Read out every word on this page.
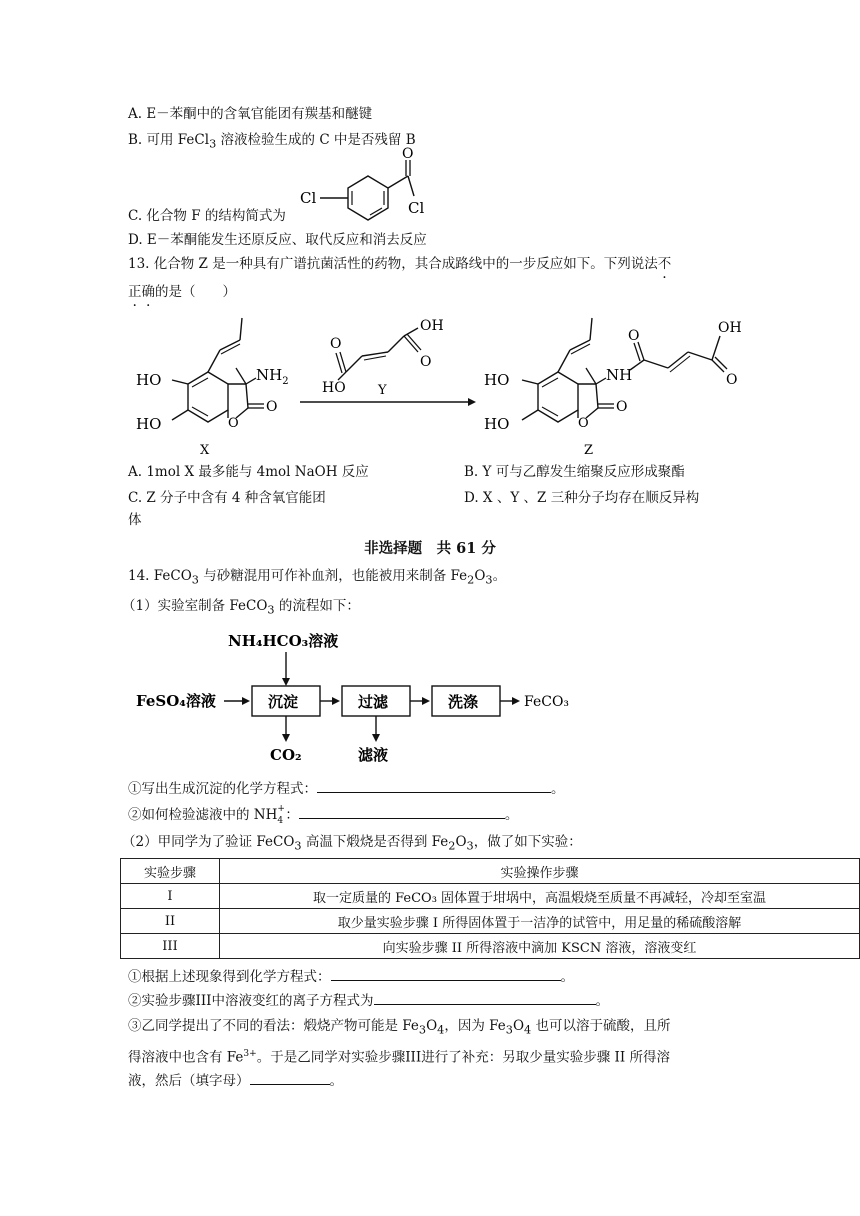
A. E－苯酮中的含氧官能团有羰基和醚键
B. 可用 FeCl$_3$ 溶液检验生成的 C 中是否残留 B
Cl
O
Cl
C. 化合物 F 的结构简式为
D. E－苯酮能发生还原反应、取代反应和消去反应
13. 化合物 Z 是一种具有广谱抗菌活性的药物，其合成路线中的一步反应如下。下列说法不
正确的是（　　）
O
O
$NH_2$
HO
HO
X
OH
O
O
HO Y
O
O
NH
O	OH
O
HO
HO
Z
A. 1mol X 最多能与 4mol NaOH 反应	B. Y 可与乙醇发生缩聚反应形成聚酯
C. Z 分子中含有 4 种含氧官能团	D. X 、Y 、Z 三种分子均存在顺反异构
体
非选择题　共 61 分
14. FeCO$_3$ 与砂糖混用可作补血剂，也能被用来制备 $Fe_2O_3$。
（1）实验室制备 FeCO$_3$ 的流程如下：
NH₄HCO₃溶液
FeSO₄溶液	沉淀	过滤	洗涤	FeCO₃
CO₂	滤液
①写出生成沉淀的化学方程式：	。
②如何检验滤液中的 NH +
4 ：	。
（2）甲同学为了验证 FeCO$_3$ 高温下煅烧是否得到 $Fe_2O_3$，做了如下实验：
实验步骤	实验操作步骤
I	取一定质量的 FeCO₃ 固体置于坩埚中，高温煅烧至质量不再减轻，冷却至室温
II	取少量实验步骤 I 所得固体置于一洁净的试管中，用足量的稀硫酸溶解
III	向实验步骤 II 所得溶液中滴加 KSCN 溶液，溶液变红
①根据上述现象得到化学方程式：	。
②实验步骤III中溶液变红的离子方程式为	。
③乙同学提出了不同的看法：煅烧产物可能是 $Fe_3O_4$，因为 $Fe_3O_4$ 也可以溶于硫酸，且所
得溶液中也含有 $Fe^{3+}$。于是乙同学对实验步骤III进行了补充：另取少量实验步骤 II 所得溶
液，然后（填字母）	。
